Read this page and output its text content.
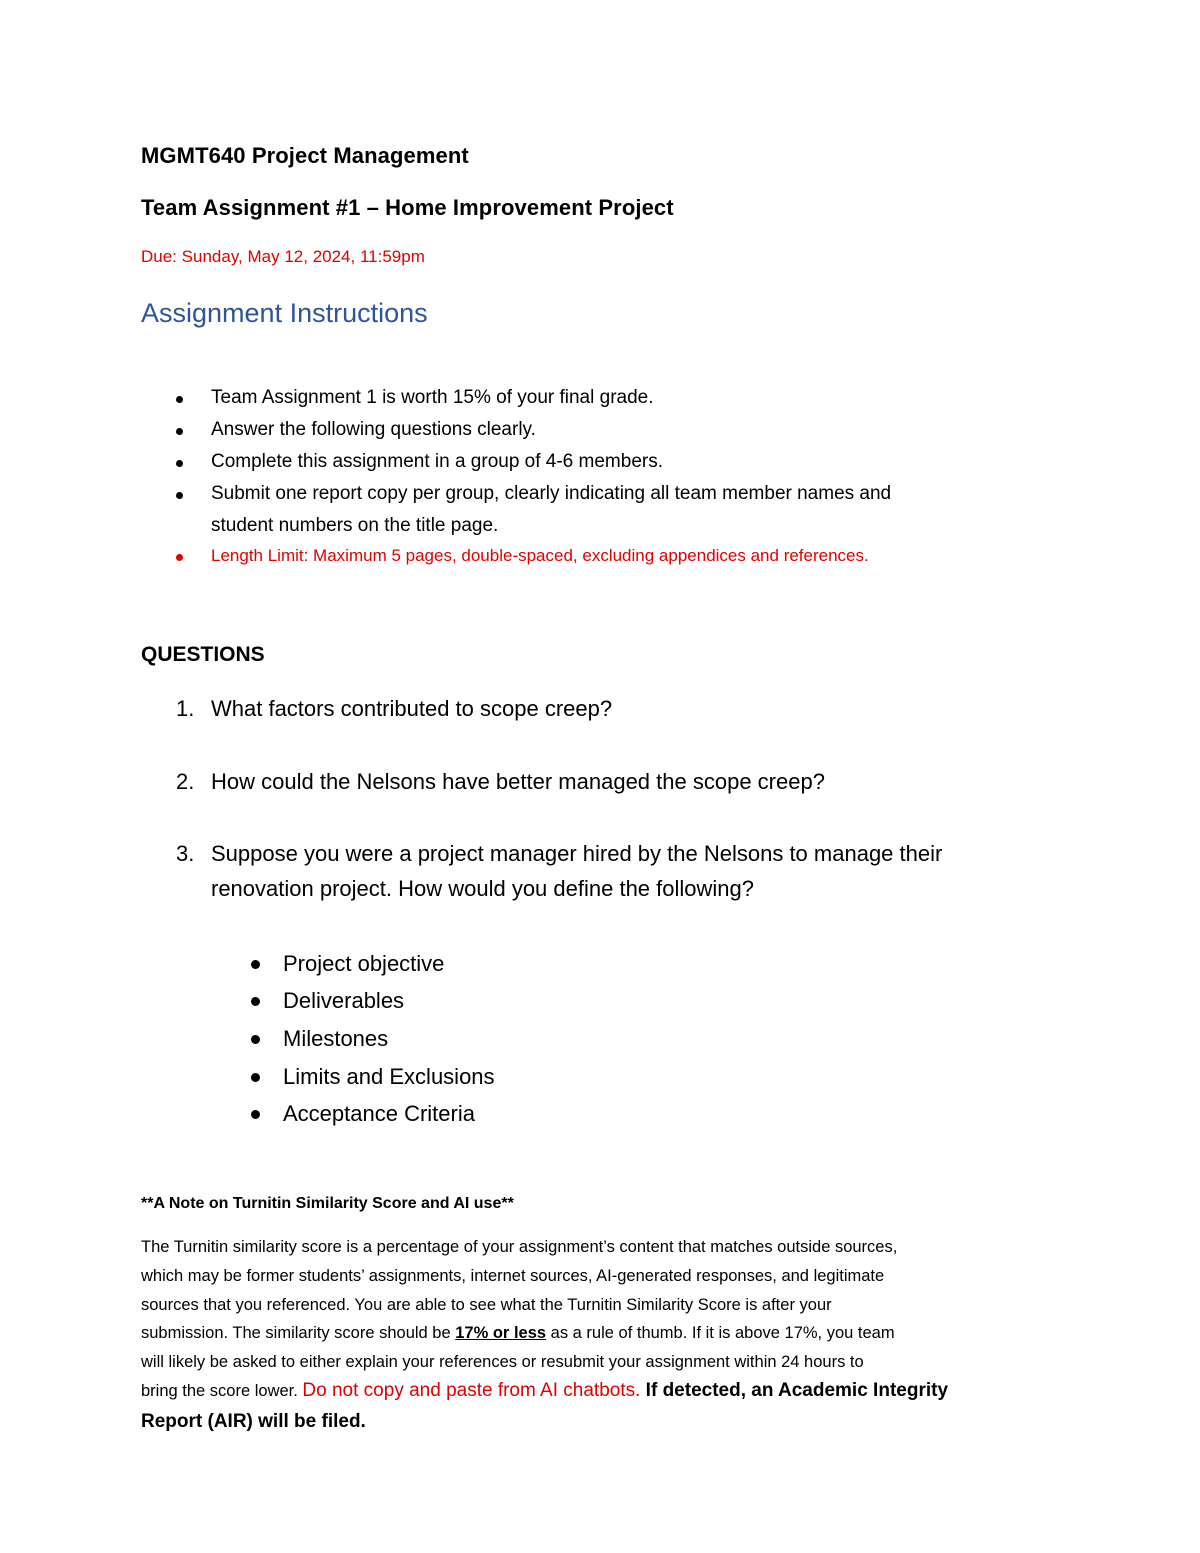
MGMT640 Project Management
Team Assignment #1 – Home Improvement Project
Due: Sunday, May 12, 2024, 11:59pm
Assignment Instructions
Team Assignment 1 is worth 15% of your final grade.
Answer the following questions clearly.
Complete this assignment in a group of 4-6 members.
Submit one report copy per group, clearly indicating all team member names and
student numbers on the title page.
Length Limit: Maximum 5 pages, double-spaced, excluding appendices and references.
QUESTIONS
1. What factors contributed to scope creep?
2. How could the Nelsons have better managed the scope creep?
3. Suppose you were a project manager hired by the Nelsons to manage their
renovation project. How would you define the following?
Project objective
Deliverables
Milestones
Limits and Exclusions
Acceptance Criteria
**A Note on Turnitin Similarity Score and AI use**
The Turnitin similarity score is a percentage of your assignment’s content that matches outside sources,
which may be former students’ assignments, internet sources, AI-generated responses, and legitimate
sources that you referenced. You are able to see what the Turnitin Similarity Score is after your
submission. The similarity score should be 17% or less as a rule of thumb. If it is above 17%, you team
will likely be asked to either explain your references or resubmit your assignment within 24 hours to
bring the score lower. Do not copy and paste from AI chatbots. If detected, an Academic Integrity
Report (AIR) will be filed.
